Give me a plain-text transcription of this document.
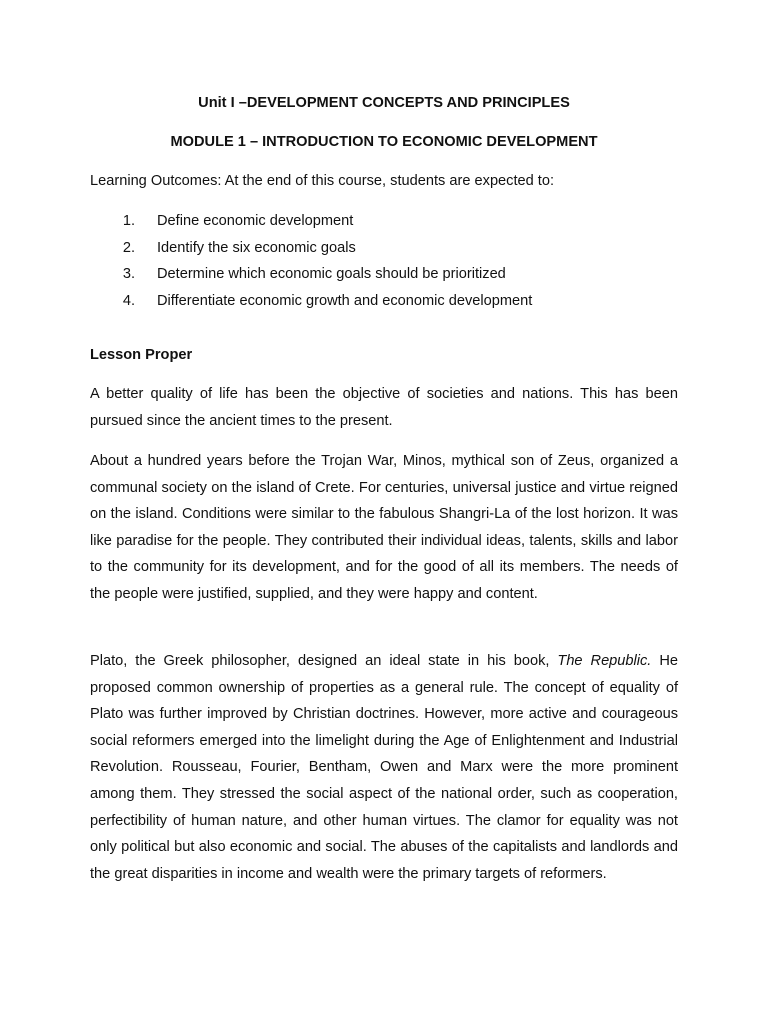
Unit I –DEVELOPMENT CONCEPTS AND PRINCIPLES
MODULE 1 – INTRODUCTION TO ECONOMIC DEVELOPMENT
Learning Outcomes: At the end of this course, students are expected to:
1. Define economic development
2. Identify the six economic goals
3. Determine which economic goals should be prioritized
4. Differentiate economic growth and economic development
Lesson Proper

A better quality of life has been the objective of societies and nations. This has been pursued since the ancient times to the present.

About a hundred years before the Trojan War, Minos, mythical son of Zeus, organized a communal society on the island of Crete. For centuries, universal justice and virtue reigned on the island. Conditions were similar to the fabulous Shangri-La of the lost horizon. It was like paradise for the people. They contributed their individual ideas, talents, skills and labor to the community for its development, and for the good of all its members. The needs of the people were justified, supplied, and they were happy and content.

Plato, the Greek philosopher, designed an ideal state in his book, The Republic. He proposed common ownership of properties as a general rule. The concept of equality of Plato was further improved by Christian doctrines. However, more active and courageous social reformers emerged into the limelight during the Age of Enlightenment and Industrial Revolution. Rousseau, Fourier, Bentham, Owen and Marx were the more prominent among them. They stressed the social aspect of the national order, such as cooperation, perfectibility of human nature, and other human virtues. The clamor for equality was not only political but also economic and social. The abuses of the capitalists and landlords and the great disparities in income and wealth were the primary targets of reformers.
